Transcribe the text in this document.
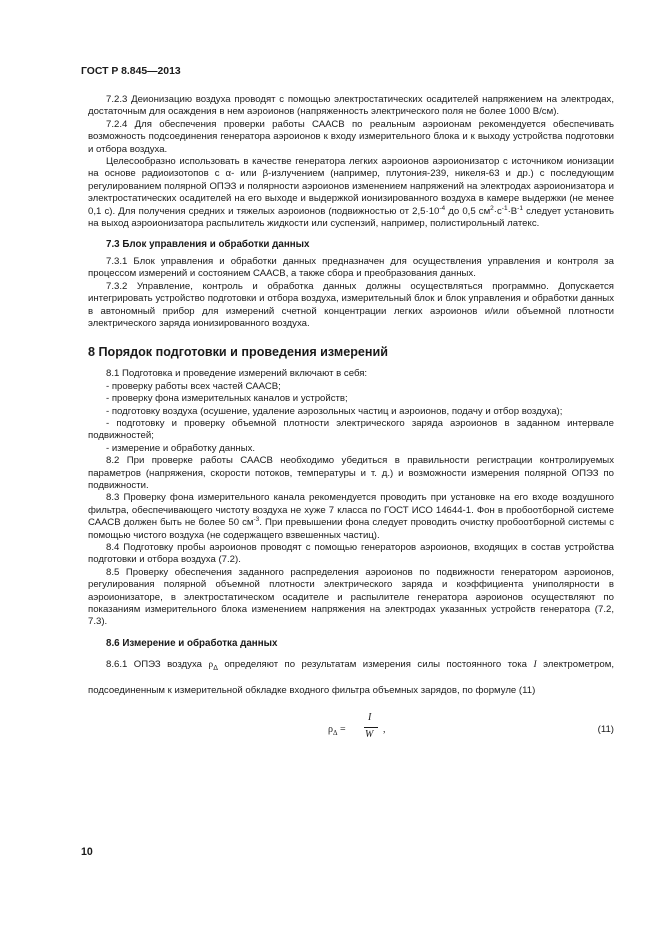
ГОСТ Р 8.845—2013

7.2.3 Деионизацию воздуха проводят с помощью электростатических осадителей напряжением на электродах, достаточным для осаждения в нем аэроионов (напряженность электрического поля не более 1000 В/см).

7.2.4 Для обеспечения проверки работы СААСВ по реальным аэроионам рекомендуется обеспечивать возможность подсоединения генератора аэроионов к входу измерительного блока и к выходу устройства подготовки и отбора воздуха.

Целесообразно использовать в качестве генератора легких аэроионов аэроионизатор с источником ионизации на основе радиоизотопов с α- или β-излучением (например, плутония-239, никеля-63 и др.) с последующим регулированием полярной ОПЭЗ и полярности аэроионов изменением напряжений на электродах аэроионизатора и электростатических осадителей на его выходе и выдержкой ионизированного воздуха в камере выдержки (не менее 0,1 с). Для получения средних и тяжелых аэроионов (подвижностью от $2,5\cdot 10^{-4}$ до 0,5 $см^2\cdot с^{-1}\cdot В^{-1}$ следует установить на выход аэроионизатора распылитель жидкости или суспензий, например, полистирольный латекс.

7.3 Блок управления и обработки данных

7.3.1 Блок управления и обработки данных предназначен для осуществления управления и контроля за процессом измерений и состоянием СААСВ, а также сбора и преобразования данных.

7.3.2 Управление, контроль и обработка данных должны осуществляться программно. Допускается интегрировать устройство подготовки и отбора воздуха, измерительный блок и блок управления и обработки данных в автономный прибор для измерений счетной концентрации легких аэроионов и/или объемной плотности электрического заряда ионизированного воздуха.

8 Порядок подготовки и проведения измерений

8.1 Подготовка и проведение измерений включают в себя:

- проверку работы всех частей СААСВ;

- проверку фона измерительных каналов и устройств;

- подготовку воздуха (осушение, удаление аэрозольных частиц и аэроионов, подачу и отбор воздуха);

- подготовку и проверку объемной плотности электрического заряда аэроионов в заданном интервале подвижностей;

- измерение и обработку данных.

8.2 При проверке работы СААСВ необходимо убедиться в правильности регистрации контролируемых параметров (напряжения, скорости потоков, температуры и т. д.) и возможности измерения полярной ОПЭЗ по подвижности.

8.3 Проверку фона измерительного канала рекомендуется проводить при установке на его входе воздушного фильтра, обеспечивающего чистоту воздуха не хуже 7 класса по ГОСТ ИСО 14644-1. Фон в пробоотборной системе СААСВ должен быть не более 50 $см^{-3}$. При превышении фона следует проводить очистку пробоотборной системы с помощью чистого воздуха (не содержащего взвешенных частиц).

8.4 Подготовку пробы аэроионов проводят с помощью генераторов аэроионов, входящих в состав устройства подготовки и отбора воздуха (7.2).

8.5 Проверку обеспечения заданного распределения аэроионов по подвижности генератором аэроионов, регулирования полярной объемной плотности электрического заряда и коэффициента униполярности в аэроионизаторе, в электростатическом осадителе и распылителе генератора аэроионов осуществляют по показаниям измерительного блока изменением напряжения на электродах указанных устройств генератора (7.2, 7.3).

8.6 Измерение и обработка данных

8.6.1 ОПЭЗ воздуха $\rho_\Delta$ определяют по результатам измерения силы постоянного тока I электрометром, подсоединенным к измерительной обкладке входного фильтра объемных зарядов, по формуле (11)

$\rho_\Delta$ =
I
W ,	(11)
10
